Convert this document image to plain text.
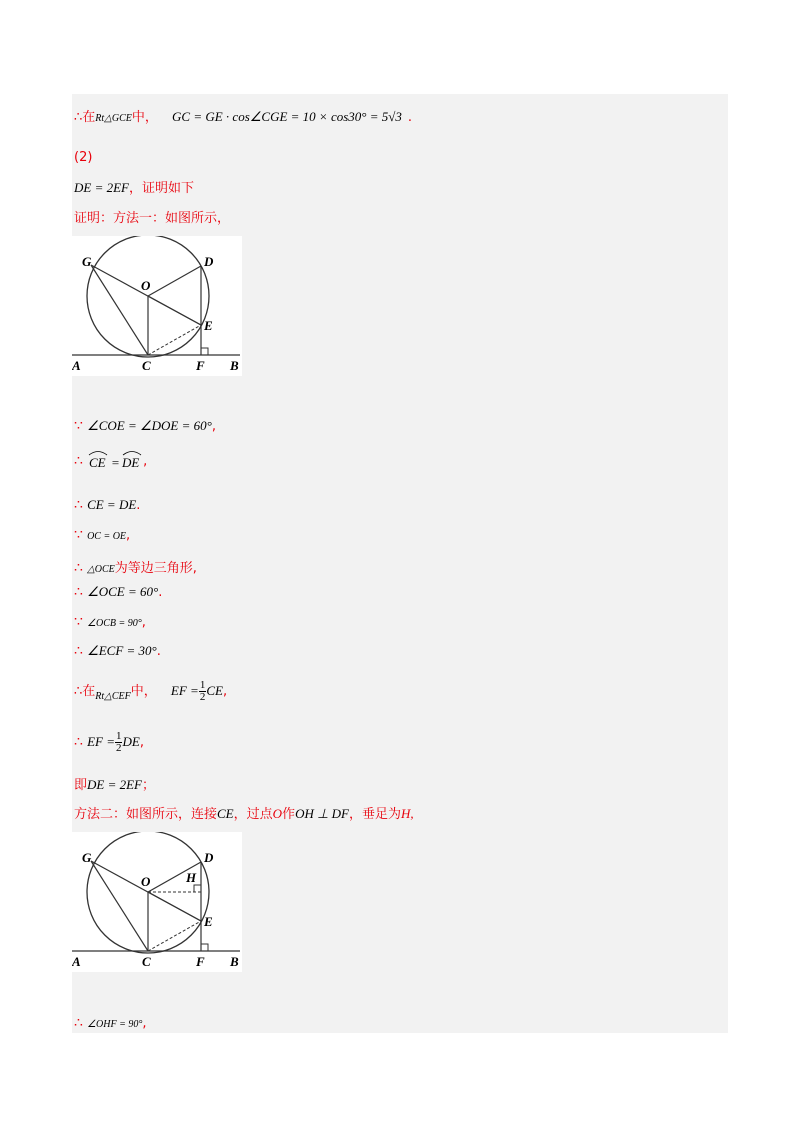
∴在Rt△GCE中， GC = GE · cos∠CGE = 10 × cos30° = 5√3 .
(2)
DE = 2EF，证明如下
证明：方法一：如图所示，
G
O
D
E
A	C	F B
∵ ∠COE = ∠DOE = 60°,
∴ CE = DE ,
∴ CE = DE.
∵ OC = OE,
∴ △OCE为等边三角形,
∴ ∠OCE = 60°.
∵ ∠OCB = 90°,
∴ ∠ECF = 30°.
∴在$_{Rt\triangle CEF}$中， EF = $\frac{1}{2}$ CE,
∴ EF = $\frac{1}{2}$ DE,
即DE = 2EF；
方法二：如图所示，连接CE，过点O作OH ⊥ DF，垂足为H,
G
O
D
H
E
A	C	F B
∴ ∠OHF = 90°,
